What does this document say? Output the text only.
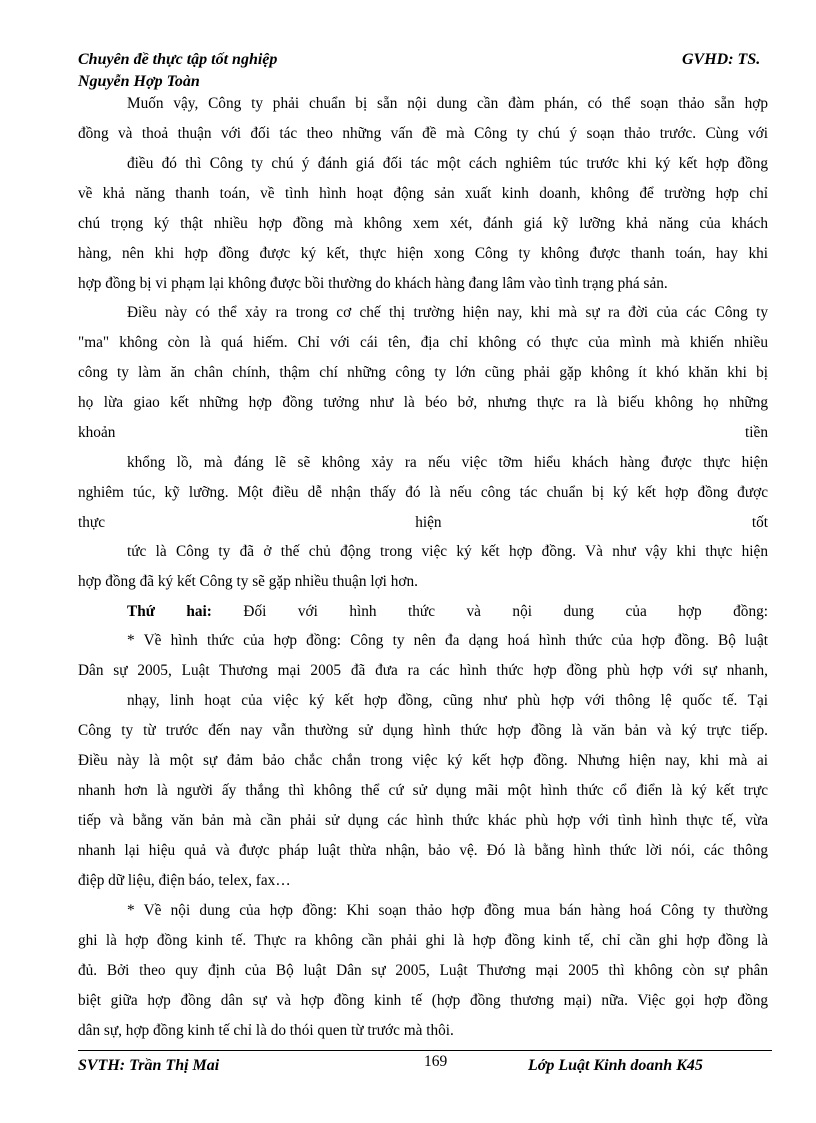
Chuyên đề thực tập tốt nghiệp	GVHD: TS.
Nguyễn Hợp Toàn
Muốn vậy, Công ty phải chuẩn bị sẵn nội dung cần đàm phán, có thể soạn thảo sẵn hợp
đồng và thoả thuận với đối tác theo những vấn đề mà Công ty chú ý soạn thảo trước. Cùng với
điều đó thì Công ty chú ý đánh giá đối tác một cách nghiêm túc trước khi ký kết hợp đồng
về khả năng thanh toán, về tình hình hoạt động sản xuất kinh doanh, không để trường hợp chỉ
chú trọng ký thật nhiều hợp đồng mà không xem xét, đánh giá kỹ lưỡng khả năng của khách
hàng, nên khi hợp đồng được ký kết, thực hiện xong Công ty không được thanh toán, hay khi
hợp đồng bị vi phạm lại không được bồi thường do khách hàng đang lâm vào tình trạng phá sản.
Điều này có thể xảy ra trong cơ chế thị trường hiện nay, khi mà sự ra đời của các Công ty
"ma" không còn là quá hiếm. Chỉ với cái tên, địa chỉ không có thực của mình mà khiến nhiều
công ty làm ăn chân chính, thậm chí những công ty lớn cũng phải gặp không ít khó khăn khi bị
họ lừa giao kết những hợp đồng tưởng như là béo bở, nhưng thực ra là biếu không họ những
khoản tiền
khổng lồ, mà đáng lẽ sẽ không xảy ra nếu việc tỡm hiểu khách hàng được thực hiện
nghiêm túc, kỹ lưỡng. Một điều dễ nhận thấy đó là nếu công tác chuẩn bị ký kết hợp đồng được
thực hiện tốt
tức là Công ty đã ở thế chủ động trong việc ký kết hợp đồng. Và như vậy khi thực hiện
hợp đồng đã ký kết Công ty sẽ gặp nhiều thuận lợi hơn.
Thứ hai: Đối với hình thức và nội dung của hợp đồng:
* Về hình thức của hợp đồng: Công ty nên đa dạng hoá hình thức của hợp đồng. Bộ luật
Dân sự 2005, Luật Thương mại 2005 đã đưa ra các hình thức hợp đồng phù hợp với sự nhanh,
nhạy, linh hoạt của việc ký kết hợp đồng, cũng như phù hợp với thông lệ quốc tế. Tại
Công ty từ trước đến nay vẫn thường sử dụng hình thức hợp đồng là văn bản và ký trực tiếp.
Điều này là một sự đảm bảo chắc chắn trong việc ký kết hợp đồng. Nhưng hiện nay, khi mà ai
nhanh hơn là người ấy thắng thì không thể cứ sử dụng mãi một hình thức cổ điển là ký kết trực
tiếp và bằng văn bản mà cần phải sử dụng các hình thức khác phù hợp với tình hình thực tế, vừa
nhanh lại hiệu quả và được pháp luật thừa nhận, bảo vệ. Đó là bằng hình thức lời nói, các thông
điệp dữ liệu, điện báo, telex, fax…
* Về nội dung của hợp đồng: Khi soạn thảo hợp đồng mua bán hàng hoá Công ty thường
ghi là hợp đồng kinh tế. Thực ra không cần phải ghi là hợp đồng kinh tế, chỉ cần ghi hợp đồng là
đủ. Bởi theo quy định của Bộ luật Dân sự 2005, Luật Thương mại 2005 thì không còn sự phân
biệt giữa hợp đồng dân sự và hợp đồng kinh tế (hợp đồng thương mại) nữa. Việc gọi hợp đồng
dân sự, hợp đồng kinh tế chỉ là do thói quen từ trước mà thôi.
SVTH: Trần Thị Mai	169	Lớp Luật Kinh doanh K45
